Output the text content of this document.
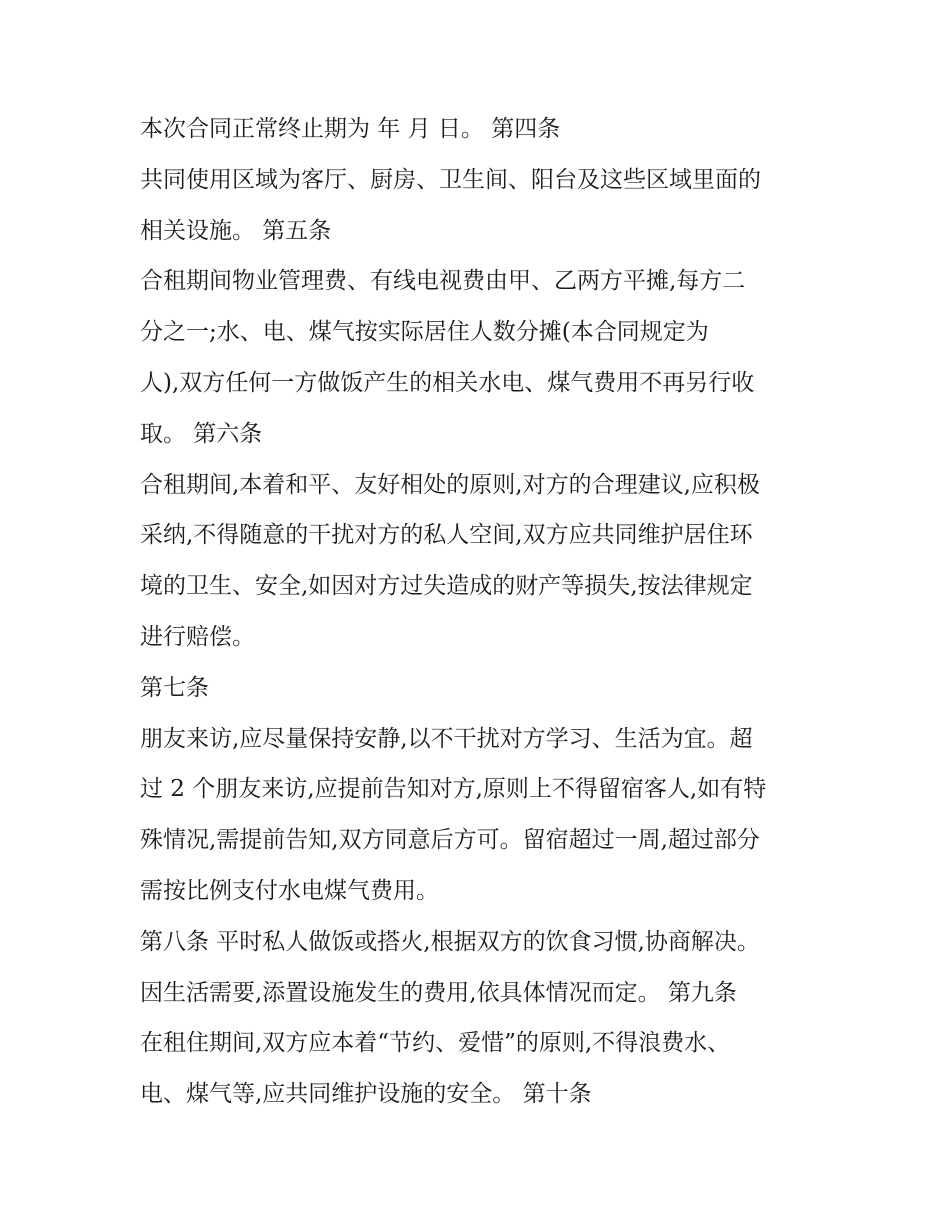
本次合同正常终止期为 年 月 日。 第四条
共同使用区域为客厅、厨房、卫生间、阳台及这些区域里面的
相关设施。 第五条
合租期间物业管理费、有线电视费由甲、乙两方平摊,每方二
分之一;水、电、煤气按实际居住人数分摊(本合同规定为
人),双方任何一方做饭产生的相关水电、煤气费用不再另行收
取。 第六条
合租期间,本着和平、友好相处的原则,对方的合理建议,应积极
采纳,不得随意的干扰对方的私人空间,双方应共同维护居住环
境的卫生、安全,如因对方过失造成的财产等损失,按法律规定
进行赔偿。
第七条
朋友来访,应尽量保持安静,以不干扰对方学习、生活为宜。超
过 2 个朋友来访,应提前告知对方,原则上不得留宿客人,如有特
殊情况,需提前告知,双方同意后方可。留宿超过一周,超过部分
需按比例支付水电煤气费用。
第八条 平时私人做饭或搭火,根据双方的饮食习惯,协商解决。
因生活需要,添置设施发生的费用,依具体情况而定。 第九条
在租住期间,双方应本着“节约、爱惜”的原则,不得浪费水、
电、煤气等,应共同维护设施的安全。 第十条
